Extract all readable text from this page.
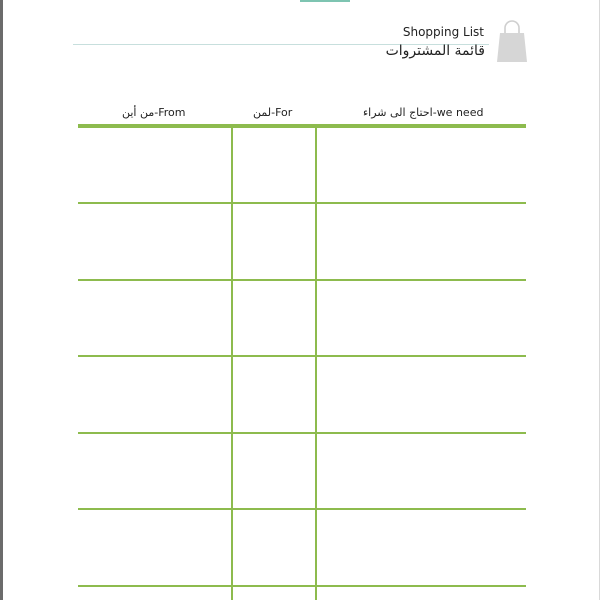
Shopping List
قائمة المشتروات
من أين-From	لمن-For	احتاج الى شراء-we need
